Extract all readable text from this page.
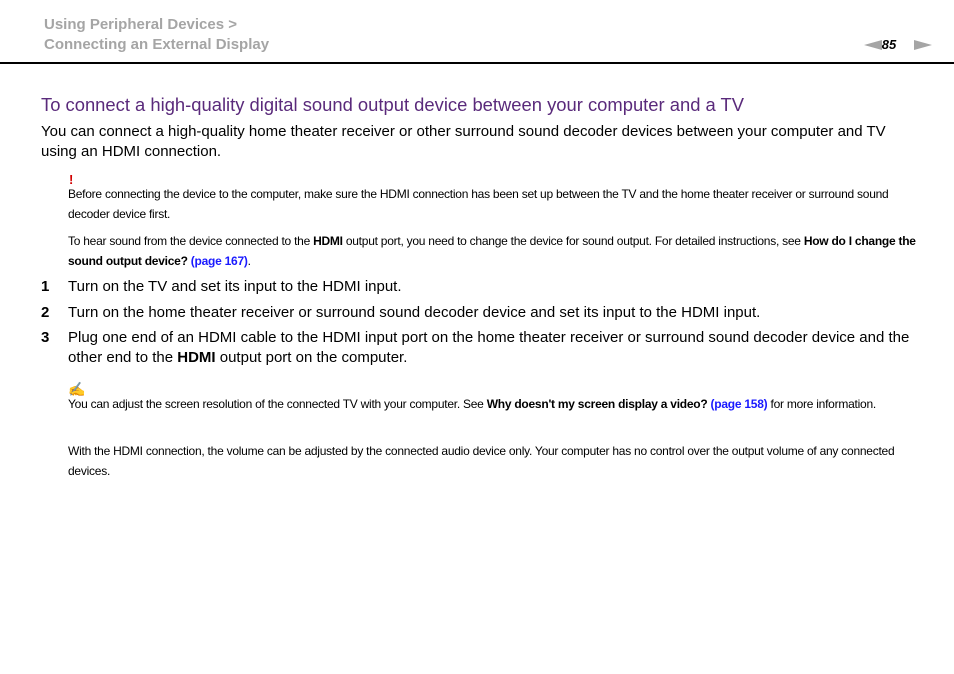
Using Peripheral Devices >
Connecting an External Display	85
To connect a high-quality digital sound output device between your computer and a TV
You can connect a high-quality home theater receiver or other surround sound decoder devices between your computer and TV using an HDMI connection.
!
Before connecting the device to the computer, make sure the HDMI connection has been set up between the TV and the home theater receiver or surround sound decoder device first.
To hear sound from the device connected to the HDMI output port, you need to change the device for sound output. For detailed instructions, see How do I change the sound output device? (page 167).
1 Turn on the TV and set its input to the HDMI input.
2 Turn on the home theater receiver or surround sound decoder device and set its input to the HDMI input.
3 Plug one end of an HDMI cable to the HDMI input port on the home theater receiver or surround sound decoder device and the other end to the HDMI output port on the computer.
✍
You can adjust the screen resolution of the connected TV with your computer. See Why doesn't my screen display a video? (page 158) for more information.
With the HDMI connection, the volume can be adjusted by the connected audio device only. Your computer has no control over the output volume of any connected devices.
